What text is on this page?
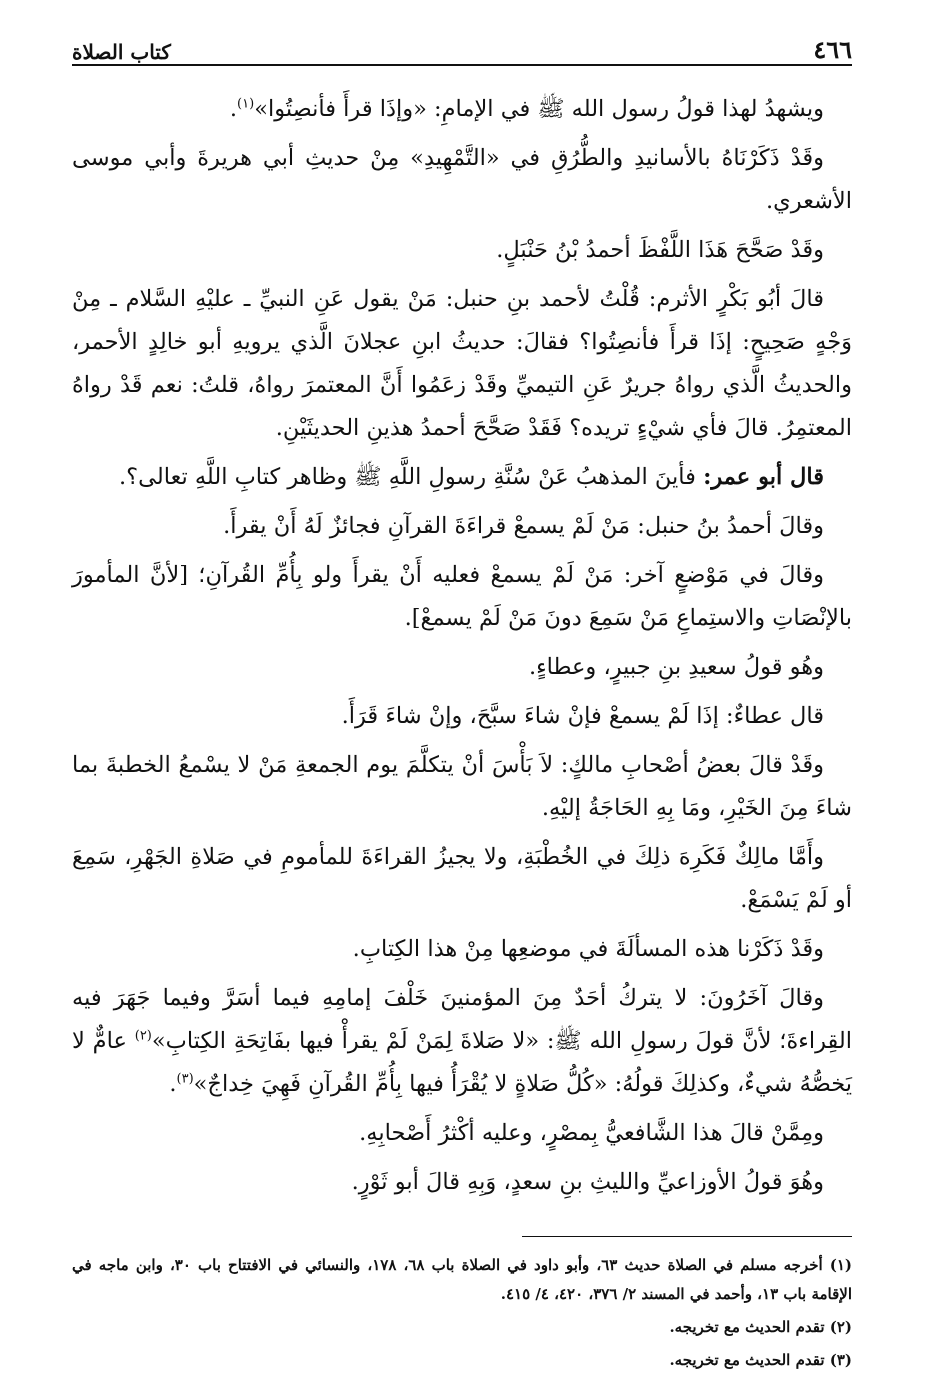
٤٦٦
كتاب الصلاة

ويشهدُ لهذا قولُ رسول الله ﷺ في الإمامِ: «وإذَا قرأَ فأنصِتُوا»$^{(١)}$.

وقَدْ ذَكَرْنَاهُ بالأسانيدِ والطُّرُقِ في «التَّمْهِيدِ» مِنْ حديثِ أبي هريرةَ وأبي موسى الأشعري.

وقَدْ صَحَّحَ هَذَا اللَّفْظَ أحمدُ بْنُ حَنْبَلٍ.

قالَ أبُو بَكْرٍ الأثرم: قُلْتُ لأحمد بنِ حنبل: مَنْ يقول عَنِ النبيِّ ـ عليْهِ السَّلام ـ مِنْ وَجْهٍ صَحِيحٍ: إذَا قرأَ فأنصِتُوا؟ فقالَ: حديثُ ابنِ عجلانَ الَّذي يرويهِ أبو خالِدٍ الأحمر، والحديثُ الَّذي رواهُ جريرٌ عَنِ التيميِّ وقَدْ زعَمُوا أَنَّ المعتمرَ رواهُ، قلتُ: نعم قَدْ رواهُ المعتمِرُ. قالَ فأي شيْءٍ تريده؟ فَقَدْ صَحَّحَ أحمدُ هذينِ الحديثَيْنِ.

قال أبو عمر: فأينَ المذهبُ عَنْ سُنَّةِ رسولِ اللَّهِ ﷺ وظاهر كتابِ اللَّهِ تعالى؟.

وقالَ أحمدُ بنُ حنبل: مَنْ لَمْ يسمعْ قراءَةَ القرآنِ فجائزٌ لَهُ أَنْ يقرأَ.

وقالَ في مَوْضعٍ آخر: مَنْ لَمْ يسمعْ فعليه أَنْ يقرأَ ولو بِأُمِّ القُرآنِ؛ [لأنَّ المأمورَ بالإنْصَاتِ والاستِماعِ مَنْ سَمِعَ دونَ مَنْ لَمْ يسمعْ].

وهُو قولُ سعيدِ بنِ جبيرٍ، وعطاءٍ.

قال عطاءٌ: إذَا لَمْ يسمعْ فإنْ شاءَ سبَّحَ، وإنْ شاءَ قَرَأَ.

وقَدْ قالَ بعضُ أصْحابِ مالكٍ: لاَ بَأْسَ أنْ يتكلَّمَ يوم الجمعةِ مَنْ لا يسْمعُ الخطبةَ بما شاءَ مِنَ الخَيْرِ، ومَا بِهِ الحَاجَةُ إليْهِ.

وأَمَّا مالِكٌ فَكَرِهَ ذلِكَ في الخُطْبَةِ، ولا يجيزُ القراءَةَ للمأمومِ في صَلاةِ الجَهْرِ، سَمِعَ أو لَمْ يَسْمَعْ.

وقَدْ ذَكَرْنا هذه المسألَةَ في موضعِها مِنْ هذا الكِتابِ.

وقالَ آخَرُونَ: لا يتركُ أحَدٌ مِنَ المؤمنينَ خَلْفَ إمامِهِ فيما أسَرَّ وفيما جَهَرَ فيه القِراءةَ؛ لأنَّ قولَ رسولِ الله ﷺ: «لا صَلاةَ لِمَنْ لَمْ يقرأْ فيها بفَاتِحَةِ الكِتابِ»$^{(٢)}$ عامٌّ لا يَخصُّهُ شيءٌ، وكذلِكَ قولُهُ: «كُلُّ صَلاةٍ لا يُقْرَأُ فيها بِأُمِّ القُرآنِ فَهِيَ خِداجٌ»$^{(٣)}$.

ومِمَّنْ قالَ هذا الشَّافعيُّ بِمصْرٍ، وعليه أكْثرُ أَصْحابِهِ.

وهُوَ قولُ الأوزاعيِّ والليثِ بنِ سعدٍ، وَبِهِ قالَ أبو ثَوْرٍ.

(١) أخرجه مسلم في الصلاة حديث ٦٣، وأبو داود في الصلاة باب ٦٨، ١٧٨، والنسائي في الافتتاح باب ٣٠، وابن ماجه في الإقامة باب ١٣، وأحمد في المسند ٢/ ٣٧٦، ٤٢٠، ٤/ ٤١٥.

(٢) تقدم الحديث مع تخريجه.

(٣) تقدم الحديث مع تخريجه.
